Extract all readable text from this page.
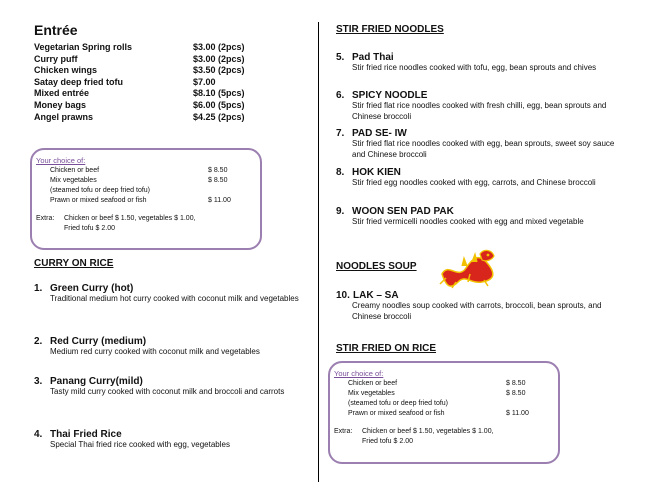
Entrée
Vegetarian Spring rolls	$3.00 (2pcs)
Curry puff	$3.00 (2pcs)
Chicken wings	$3.50 (2pcs)
Satay deep fried tofu	$7.00
Mixed entrée	$8.10 (5pcs)
Money bags	$6.00 (5pcs)
Angel prawns	$4.25 (2pcs)
Your choice of:
Chicken or beef	$ 8.50
Mix vegetables	$ 8.50
(steamed tofu or deep fried tofu)
Prawn or mixed seafood or fish	$ 11.00
Extra:	Chicken or beef $ 1.50, vegetables $ 1.00,
Fried tofu $ 2.00
CURRY ON RICE
1. Green Curry (hot)
Traditional medium hot curry cooked with coconut milk and vegetables
2. Red Curry (medium)
Medium red curry cooked with coconut milk and vegetables
3. Panang Curry(mild)
Tasty mild curry cooked with coconut milk and broccoli and carrots
4. Thai Fried Rice
Special Thai fried rice cooked with egg, vegetables
STIR FRIED NOODLES
5. Pad Thai
Stir fried rice noodles cooked with tofu, egg, bean sprouts and chives
6. SPICY NOODLE
Stir fried flat rice noodles cooked with fresh chilli, egg, bean sprouts and Chinese broccoli
7. PAD SE- IW
Stir fried flat rice noodles cooked with egg, bean sprouts, sweet soy sauce and Chinese broccoli
8. HOK KIEN
Stir fried egg noodles cooked with egg, carrots, and Chinese broccoli
9. WOON SEN PAD PAK
Stir fried vermicelli noodles cooked with egg and mixed vegetable
NOODLES SOUP
10. LAK – SA
Creamy noodles soup cooked with carrots, broccoli, bean sprouts, and Chinese broccoli
STIR FRIED ON RICE
Your choice of:
Chicken or beef	$ 8.50
Mix vegetables	$ 8.50
(steamed tofu or deep fried tofu)
Prawn or mixed seafood or fish	$ 11.00
Extra:	Chicken or beef $ 1.50, vegetables $ 1.00,
Fried tofu $ 2.00
